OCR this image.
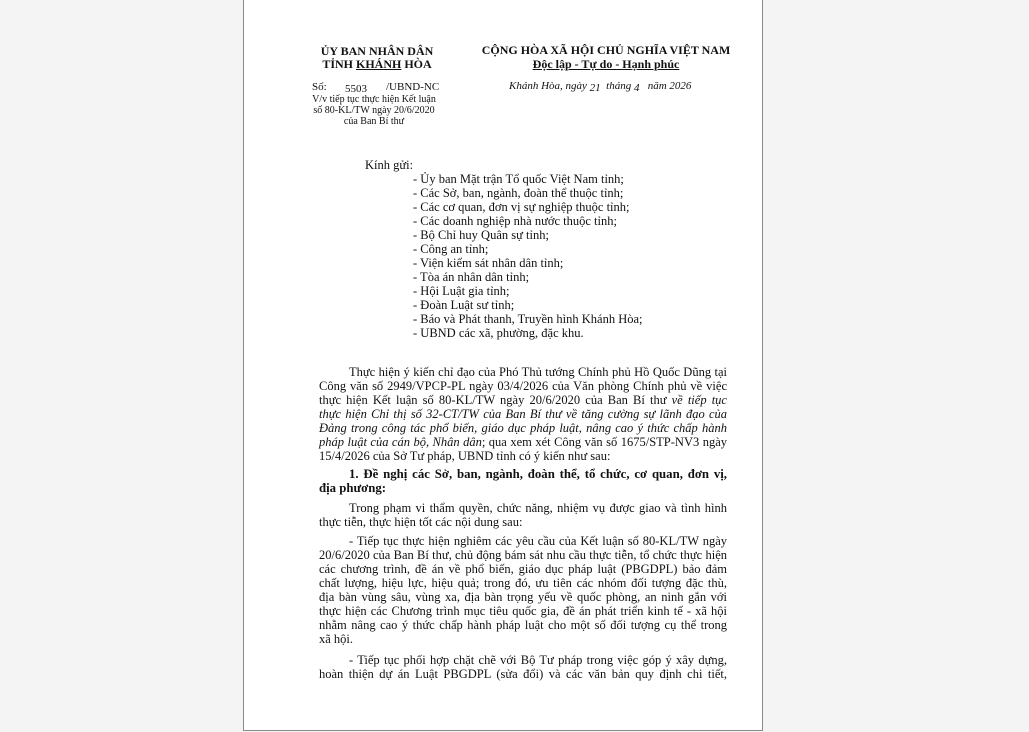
ỦY BAN NHÂN DÂN
TỈNH KHÁNH HÒA
Số: 5503 /UBND-NC
V/v tiếp tục thực hiện Kết luận
số 80-KL/TW ngày 20/6/2020
của Ban Bí thư
CỘNG HÒA XÃ HỘI CHỦ NGHĨA VIỆT NAM
Độc lập - Tự do - Hạnh phúc
Khánh Hòa, ngày 21 tháng 4 năm 2026
Kính gửi:
- Ủy ban Mặt trận Tổ quốc Việt Nam tỉnh;
- Các Sở, ban, ngành, đoàn thể thuộc tỉnh;
- Các cơ quan, đơn vị sự nghiệp thuộc tỉnh;
- Các doanh nghiệp nhà nước thuộc tỉnh;
- Bộ Chỉ huy Quân sự tỉnh;
- Công an tỉnh;
- Viện kiểm sát nhân dân tỉnh;
- Tòa án nhân dân tỉnh;
- Hội Luật gia tỉnh;
- Đoàn Luật sư tỉnh;
- Báo và Phát thanh, Truyền hình Khánh Hòa;
- UBND các xã, phường, đặc khu.
Thực hiện ý kiến chỉ đạo của Phó Thủ tướng Chính phủ Hồ Quốc Dũng tại
Công văn số 2949/VPCP-PL ngày 03/4/2026 của Văn phòng Chính phủ về việc
thực hiện Kết luận số 80-KL/TW ngày 20/6/2020 của Ban Bí thư về tiếp tục
thực hiện Chỉ thị số 32-CT/TW của Ban Bí thư về tăng cường sự lãnh đạo của
Đảng trong công tác phổ biến, giáo dục pháp luật, nâng cao ý thức chấp hành
pháp luật của cán bộ, Nhân dân; qua xem xét Công văn số 1675/STP-NV3 ngày
15/4/2026 của Sở Tư pháp, UBND tỉnh có ý kiến như sau:
1. Đề nghị các Sở, ban, ngành, đoàn thể, tổ chức, cơ quan, đơn vị,
địa phương:
Trong phạm vi thẩm quyền, chức năng, nhiệm vụ được giao và tình hình
thực tiễn, thực hiện tốt các nội dung sau:
- Tiếp tục thực hiện nghiêm các yêu cầu của Kết luận số 80-KL/TW ngày
20/6/2020 của Ban Bí thư, chủ động bám sát nhu cầu thực tiễn, tổ chức thực hiện
các chương trình, đề án về phổ biến, giáo dục pháp luật (PBGDPL) bảo đảm
chất lượng, hiệu lực, hiệu quả; trong đó, ưu tiên các nhóm đối tượng đặc thù,
địa bàn vùng sâu, vùng xa, địa bàn trọng yếu về quốc phòng, an ninh gắn với
thực hiện các Chương trình mục tiêu quốc gia, đề án phát triển kinh tế - xã hội
nhằm nâng cao ý thức chấp hành pháp luật cho một số đối tượng cụ thể trong
xã hội.
- Tiếp tục phối hợp chặt chẽ với Bộ Tư pháp trong việc góp ý xây dựng,
hoàn thiện dự án Luật PBGDPL (sửa đổi) và các văn bản quy định chi tiết,
